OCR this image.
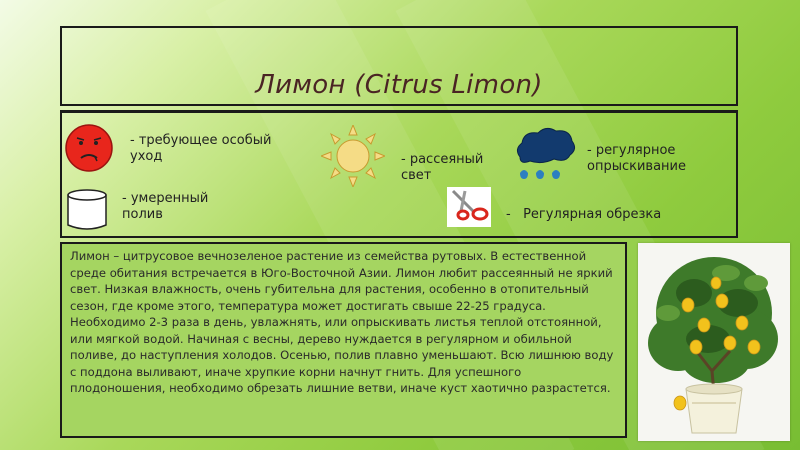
Лимон (Citrus Limon)
- требующее особый
уход
- умеренный
полив
- рассеяный
свет
-   Регулярная обрезка
- регулярное
опрыскивание

Лимон – цитрусовое вечнозеленое растение из семейства рутовых. В естественной среде обитания встречается в Юго-Восточной Азии. Лимон любит рассеянный не яркий свет. Низкая влажность, очень губительна для растения, особенно в отопительный сезон, где кроме этого, температура может достигать свыше 22-25 градуса. Необходимо 2-3 раза в день, увлажнять, или опрыскивать листья теплой отстоянной, или мягкой водой. Начиная с весны, дерево нуждается в регулярном и обильной поливе, до наступления холодов. Осенью, полив плавно уменьшают. Всю лишнюю воду с поддона выливают, иначе хрупкие корни начнут гнить. Для успешного плодоношения, необходимо обрезать лишние ветви, иначе куст хаотично разрастется.
